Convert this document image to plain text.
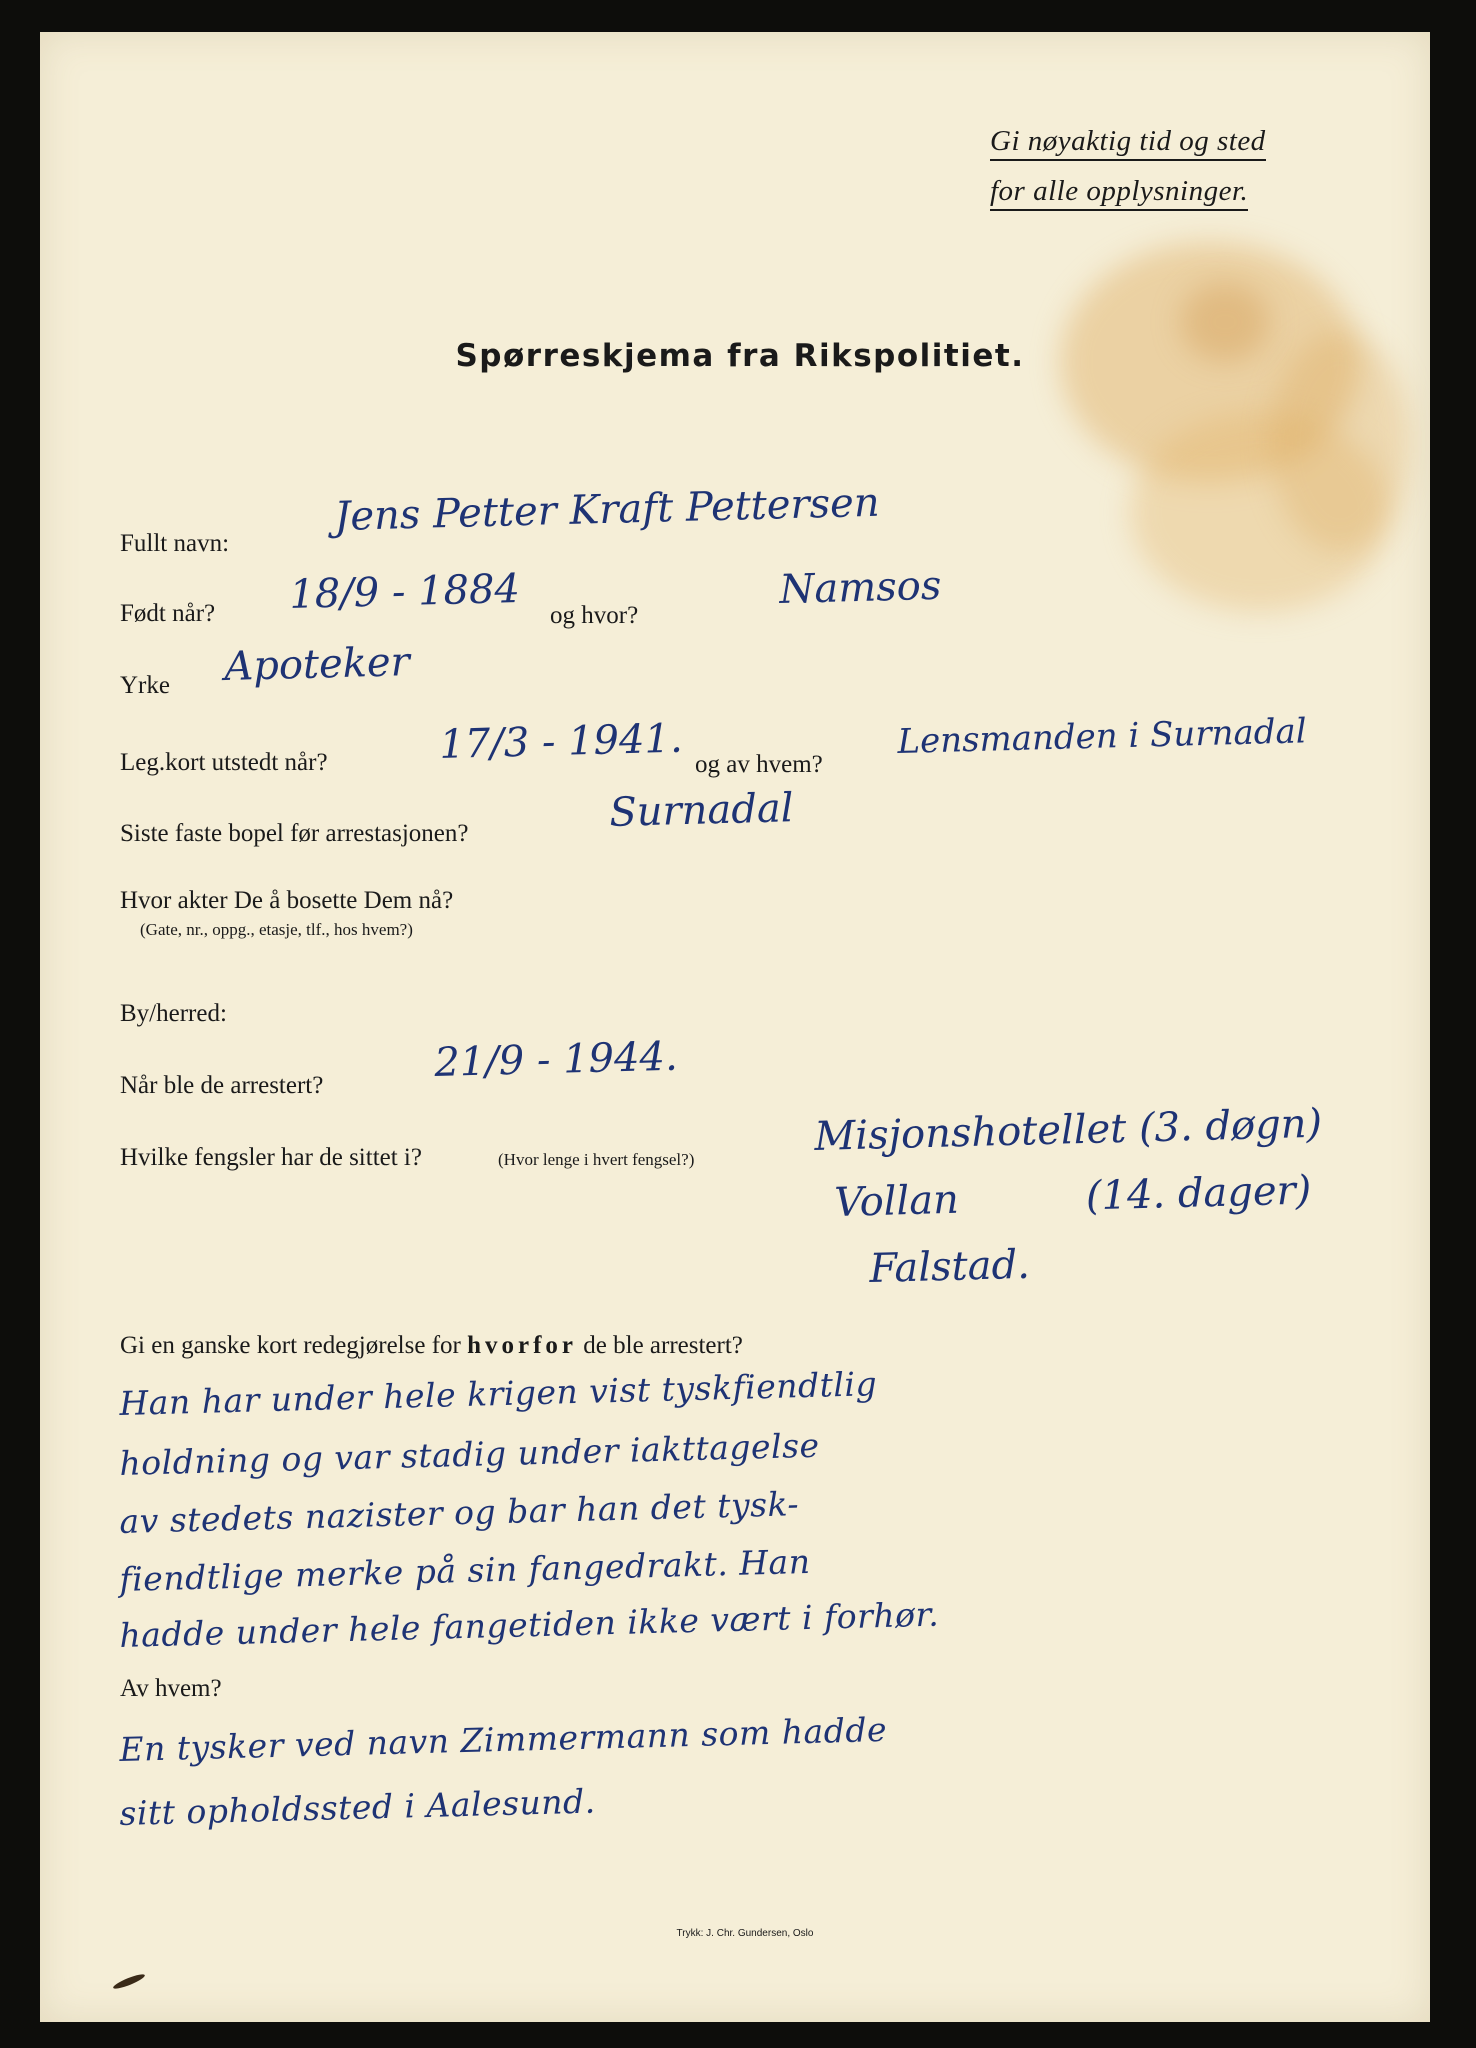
Gi nøyaktig tid og sted
for alle opplysninger.
Spørreskjema fra Rikspolitiet.
Fullt navn:
Jens Petter Kraft Pettersen
Født når? 18/9 - 1884 og hvor?
Namsos
Yrke Apoteker
Leg.kort utstedt når?	17/3 - 1941. og av hvem?
Lensmanden i Surnadal
Siste faste bopel før arrestasjonen?	Surnadal
Hvor akter De å bosette Dem nå?
(Gate, nr., oppg., etasje, tlf., hos hvem?)
By/herred:
Når ble de arrestert?	21/9 - 1944.
Hvilke fengsler har de sittet i?	(Hvor lenge i hvert fengsel?)	Misjonshotellet (3. døgn)
Vollan          (14. dager)
Falstad.
Gi en ganske kort redegjørelse for hvorfor de ble arrestert?
Han har under hele krigen vist tyskfiendtlig
holdning og var stadig under iakttagelse
av stedets nazister og bar han det tysk-
fiendtlige merke på sin fangedrakt. Han
hadde under hele fangetiden ikke vært i forhør.
Av hvem?
En tysker ved navn Zimmermann som hadde
sitt opholdssted i Aalesund.
Trykk: J. Chr. Gundersen, Oslo
